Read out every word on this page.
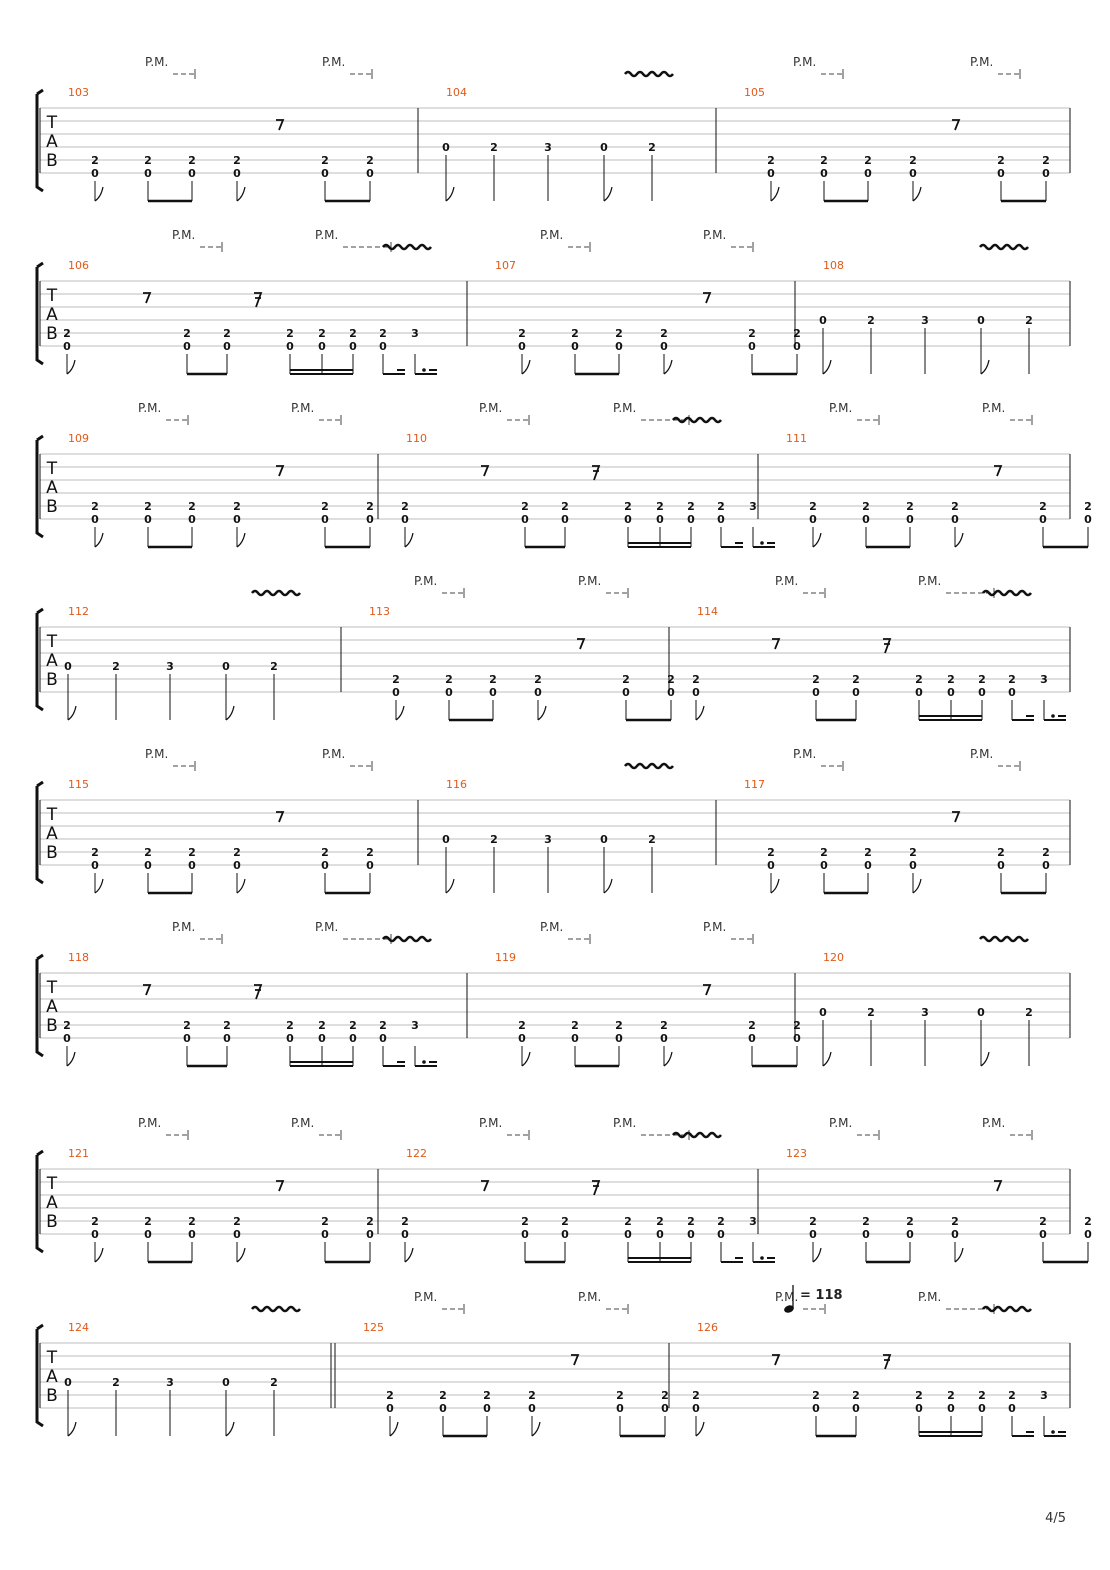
T
A
B
103
2
0
2
0
2
0
2
0
2
0
2
0
104
0	2	3	0	2
105
2
0
2
0
2
0
2
0
2
0
2
0
P.M.	P.M.	P.M.	P.M.
T
A
B
106
2
0
2
0
2
0
2
0
2
0
2
0
2
0
3
107
2
0
2
0
2
0
2
0
2
0
2
0
108
0	2	3	0	2
P.M.	P.M.	P.M.	P.M.
T
A
B
109
2
0
2
0
2
0
2
0
2
0
2
0
110
2
0
2
0
2
0
2
0
2
0
2
0
2
0
3
111
2
0
2
0
2
0
2
0
2
0
2
0
P.M.	P.M.	P.M.	P.M.	P.M.	P.M.
T
A
B
112
0	2	3	0	2
113
2
0
2
0
2
0
2
0
2
0
2
0
114
2
0
2
0
2
0
2
0
2
0
2
0
2
0
3
P.M.	P.M.	P.M.	P.M.
T
A
B
115
2
0
2
0
2
0
2
0
2
0
2
0
116
0	2	3	0	2
117
2
0
2
0
2
0
2
0
2
0
2
0
P.M.	P.M.	P.M.	P.M.
T
A
B
118
2
0
2
0
2
0
2
0
2
0
2
0
2
0
3
119
2
0
2
0
2
0
2
0
2
0
2
0
120
0	2	3	0	2
P.M.	P.M.	P.M.	P.M.
T
A
B
121
2
0
2
0
2
0
2
0
2
0
2
0
122
2
0
2
0
2
0
2
0
2
0
2
0
2
0
3
123
2
0
2
0
2
0
2
0
2
0
2
0
P.M.	P.M.	P.M.	P.M.	P.M.	P.M.
T
A
B
124
0	2	3	0	2
125
2
0
2
0
2
0
2
0
2
0
2
0
126
2
0
2
0
2
0
2
0
2
0
2
0
2
0
3
P.M.	P.M.	P.M.	P.M.
= 118
4/5
